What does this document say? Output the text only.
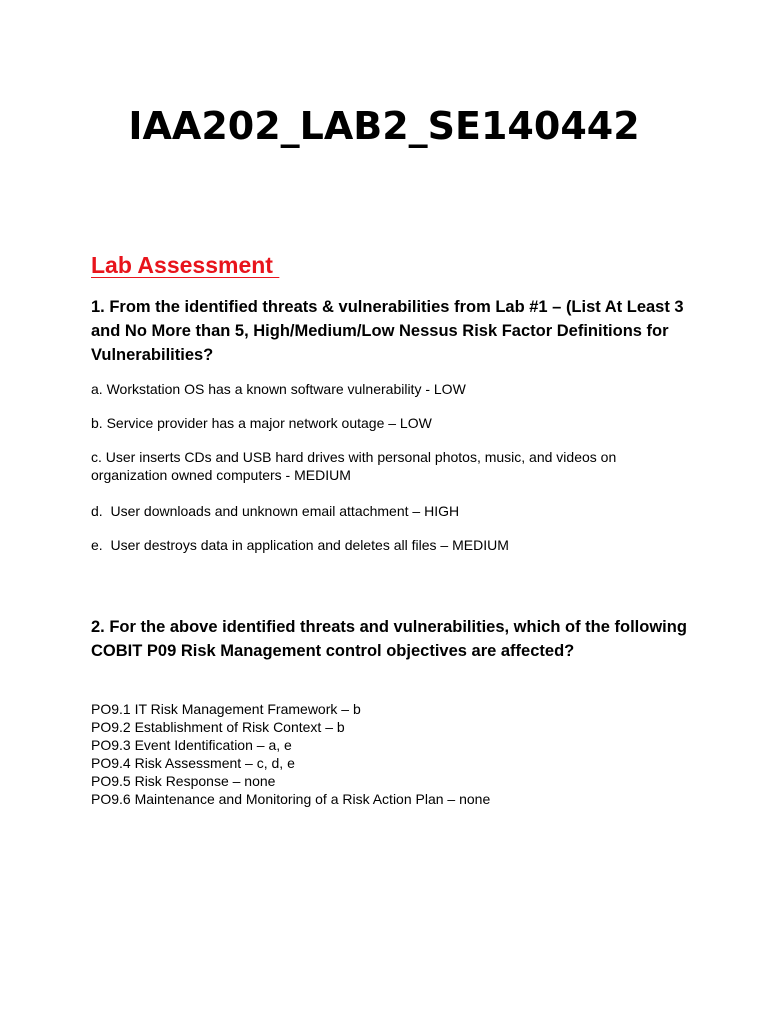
IAA202_LAB2_SE140442
Lab Assessment

1. From the identified threats & vulnerabilities from Lab #1 – (List At Least 3 and No More than 5, High/Medium/Low Nessus Risk Factor Definitions for Vulnerabilities?

a. Workstation OS has a known software vulnerability - LOW

b. Service provider has a major network outage – LOW

c. User inserts CDs and USB hard drives with personal photos, music, and videos on organization owned computers - MEDIUM

d.  User downloads and unknown email attachment – HIGH

e.  User destroys data in application and deletes all files – MEDIUM

2. For the above identified threats and vulnerabilities, which of the following COBIT P09 Risk Management control objectives are affected?

PO9.1 IT Risk Management Framework – b
PO9.2 Establishment of Risk Context – b
PO9.3 Event Identification – a, e
PO9.4 Risk Assessment – c, d, e
PO9.5 Risk Response – none
PO9.6 Maintenance and Monitoring of a Risk Action Plan – none
